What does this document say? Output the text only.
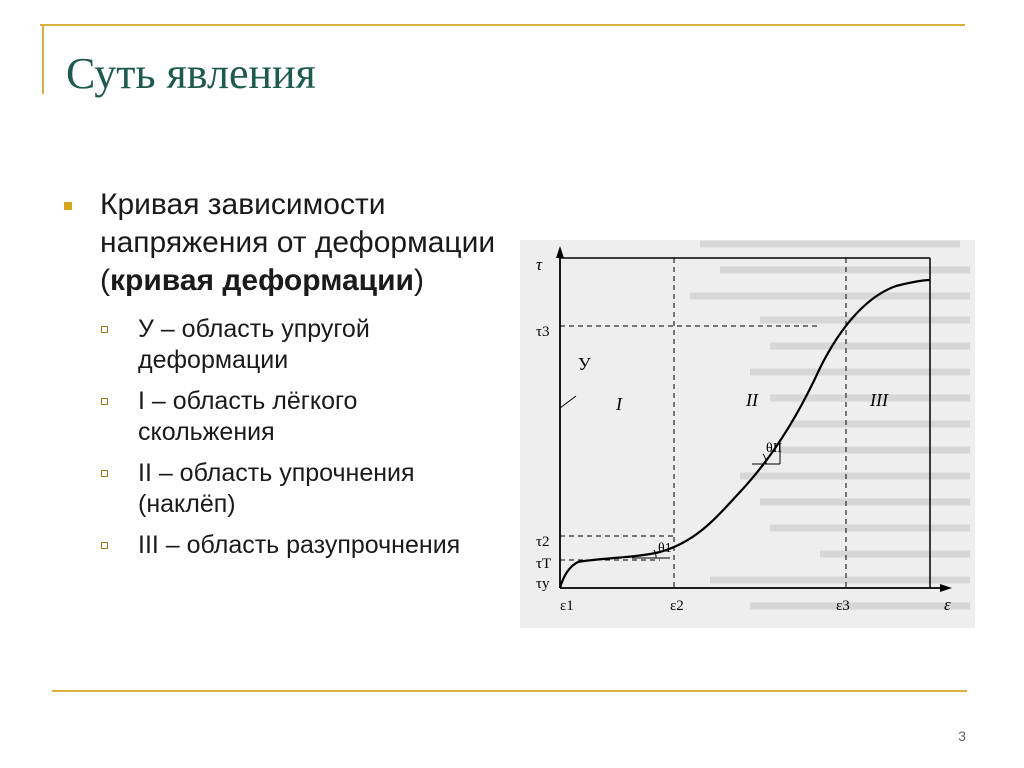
Суть явления
Кривая зависимости напряжения от деформации (кривая деформации)
У – область упругой деформации
I – область лёгкого скольжения
II – область упрочнения (наклёп)
III – область разупрочнения
τ
ε
τ3
τ2
τT
τy
ε1	ε2	ε3
У
I	II	III
θ1
θII
3
